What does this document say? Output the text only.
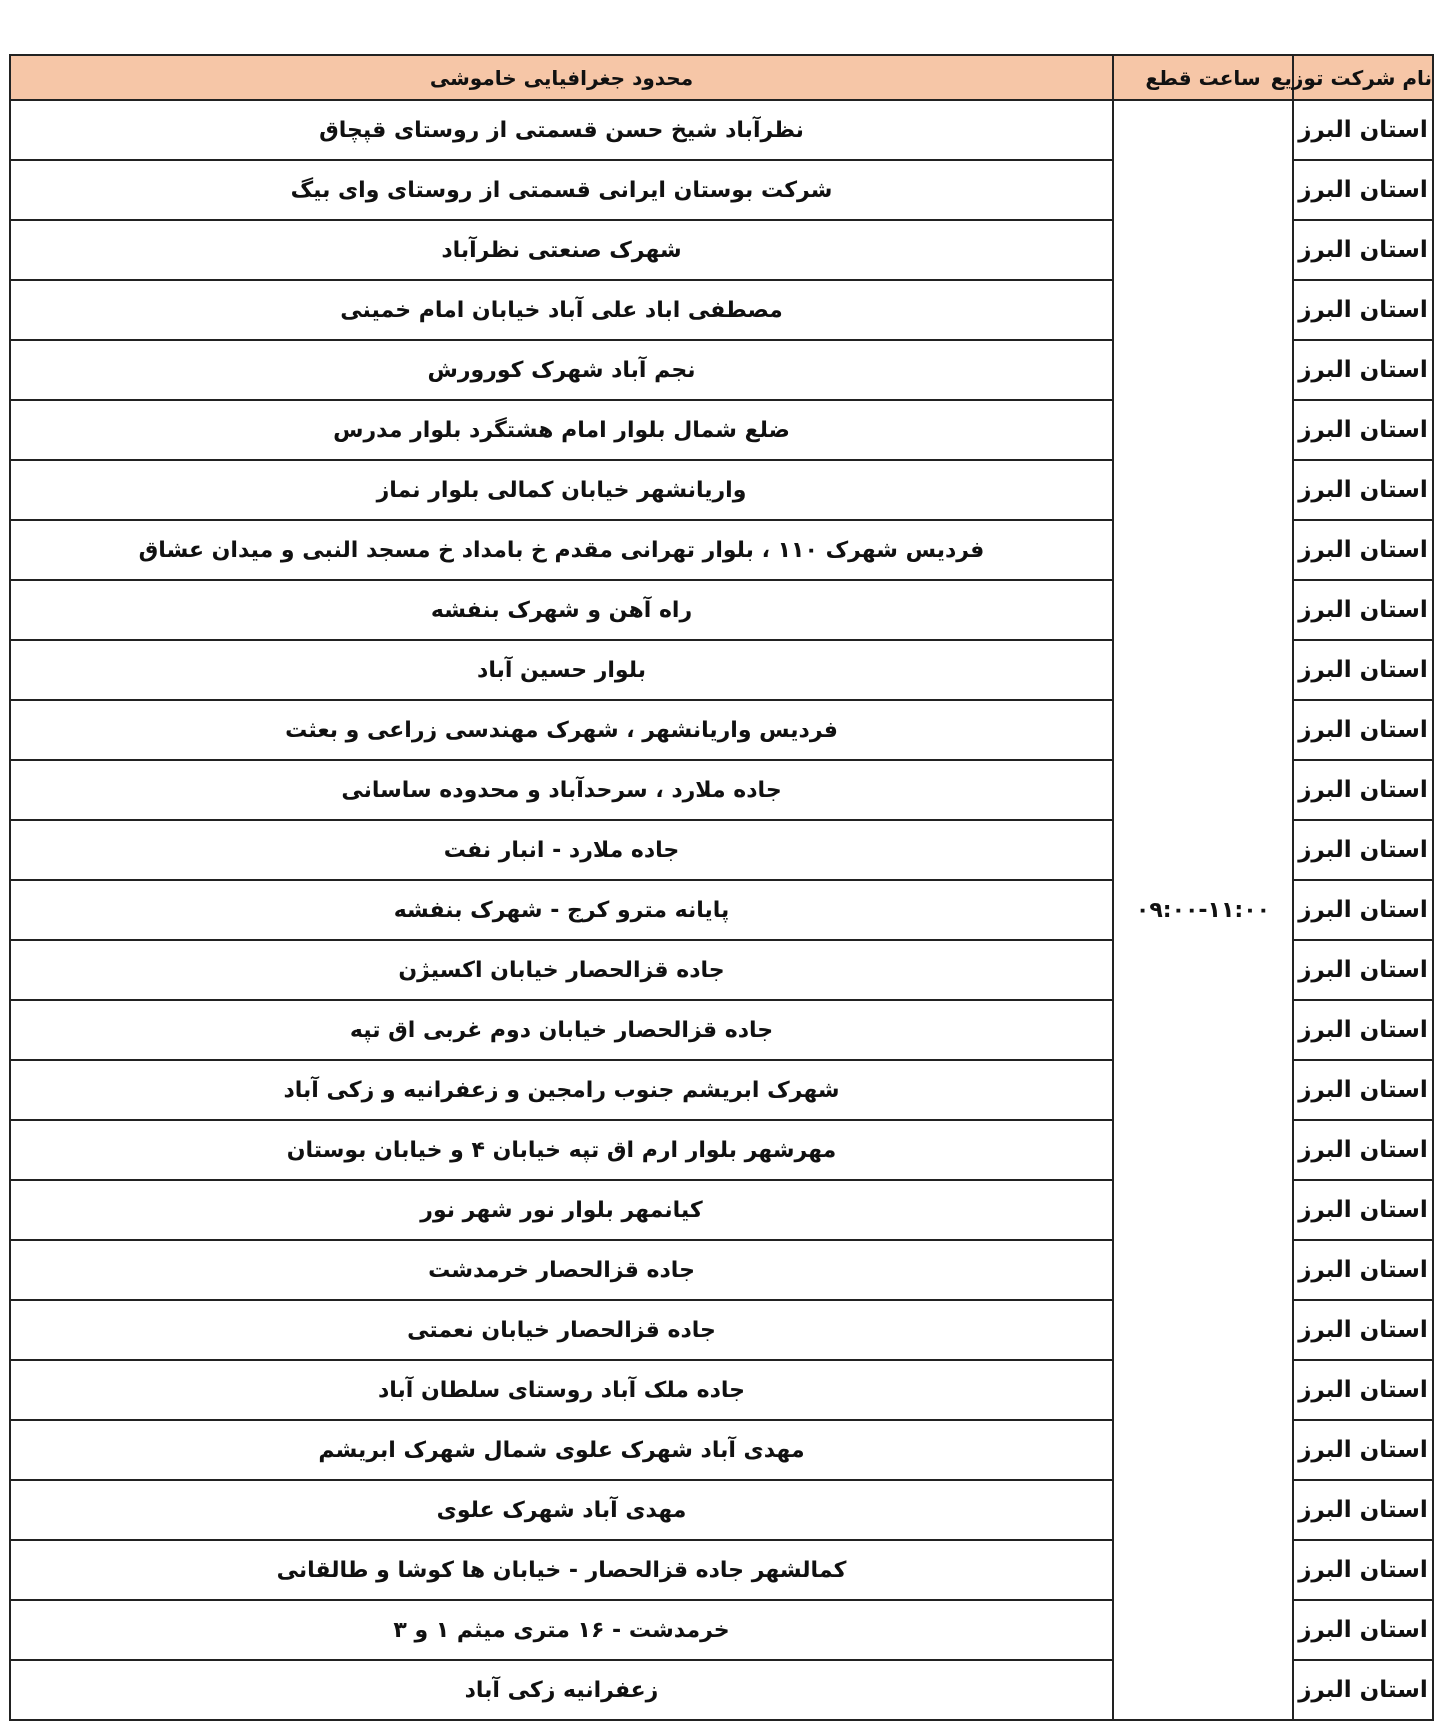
نام شرکت توزیع	ساعت قطع	محدود جغرافیایی خاموشی
استان البرز	۰۹:۰۰-۱۱:۰۰	نظرآباد شیخ حسن قسمتی از روستای قپچاق
استان البرز		شرکت بوستان ایرانی قسمتی از روستای وای بیگ
استان البرز		شهرک صنعتی نظرآباد
استان البرز		مصطفی اباد علی آباد خیابان امام خمینی
استان البرز		نجم آباد شهرک کورورش
استان البرز		ضلع شمال بلوار امام هشتگرد بلوار مدرس
استان البرز		واریانشهر خیابان کمالی بلوار نماز
استان البرز		فردیس شهرک ۱۱۰ ، بلوار تهرانی مقدم خ بامداد خ مسجد النبی و میدان عشاق
استان البرز		راه آهن و شهرک بنفشه
استان البرز		بلوار حسین آباد
استان البرز		فردیس واریانشهر ، شهرک مهندسی زراعی و بعثت
استان البرز		جاده ملارد ، سرحدآباد و محدوده ساسانی
استان البرز		جاده ملارد - انبار نفت
استان البرز		پایانه مترو کرج - شهرک بنفشه
استان البرز		جاده قزالحصار خیابان اکسیژن
استان البرز		جاده قزالحصار خیابان دوم غربی اق تپه
استان البرز		شهرک ابریشم جنوب رامجین و زعفرانیه و زکی آباد
استان البرز		مهرشهر بلوار ارم اق تپه خیابان ۴ و خیابان بوستان
استان البرز		کیانمهر بلوار نور شهر نور
استان البرز		جاده قزالحصار خرمدشت
استان البرز		جاده قزالحصار خیابان نعمتی
استان البرز		جاده ملک آباد روستای سلطان آباد
استان البرز		مهدی آباد شهرک علوی شمال شهرک ابریشم
استان البرز		مهدی آباد شهرک علوی
استان البرز		کمالشهر جاده قزالحصار - خیابان ها کوشا و طالقانی
استان البرز		خرمدشت - ۱۶ متری میثم ۱ و ۳
استان البرز		زعفرانیه زکی آباد
